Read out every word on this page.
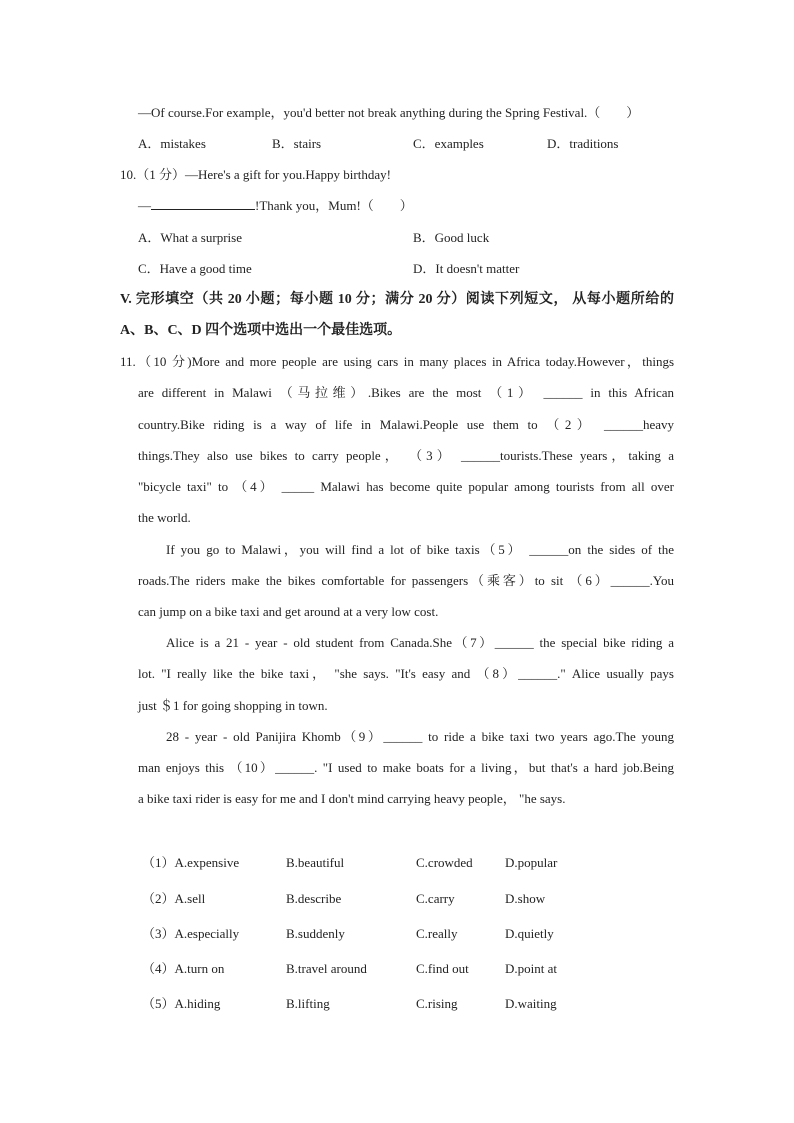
—Of course.For example，you'd better not break anything during the Spring Festival.（　　）
A．mistakes	B．stairs	C．examples	D．traditions
10.（1 分）—Here's a gift for you.Happy birthday!
—	!Thank you，Mum!（　　）
A．What a surprise	B．Good luck
C．Have a good time	D．It doesn't matter
V. 完形填空（共 20 小题；每小题 10 分；满分 20 分）阅读下列短文， 从每小题所给的
A、B、C、D 四个选项中选出一个最佳选项。
11.（10 分)More and more people are using cars in many places in Africa today.However，things
are different in Malawi （马拉维）.Bikes are the most （1） ______ in this African
country.Bike riding is a way of life in Malawi.People use them to （2） ______heavy
things.They also use bikes to carry people， （3） ______tourists.These years，taking a
"bicycle taxi" to （4） _____ Malawi has become quite popular among tourists from all over
the world.
If you go to Malawi，you will find a lot of bike taxis（5） ______on the sides of the
roads.The riders make the bikes comfortable for passengers（乘客）to sit （6）______.You
can jump on a bike taxi and get around at a very low cost.
Alice is a 21 - year - old student from Canada.She（7）______ the special bike riding a
lot. "I really like the bike taxi， "she says. "It's easy and （8）______." Alice usually pays
just ＄1 for going shopping in town.
28 - year - old Panijira Khomb（9）______ to ride a bike taxi two years ago.The young
man enjoys this （10）______. "I used to make boats for a living，but that's a hard job.Being
a bike taxi rider is easy for me and I don't mind carrying heavy people， "he says.
（1）A.expensive	B.beautiful	C.crowded D.popular
（2）A.sell	B.describe	C.carry	D.show
（3）A.especially	B.suddenly	C.really	D.quietly
（4）A.turn on	B.travel around	C.find out	D.point at
（5）A.hiding	B.lifting	C.rising	D.waiting
